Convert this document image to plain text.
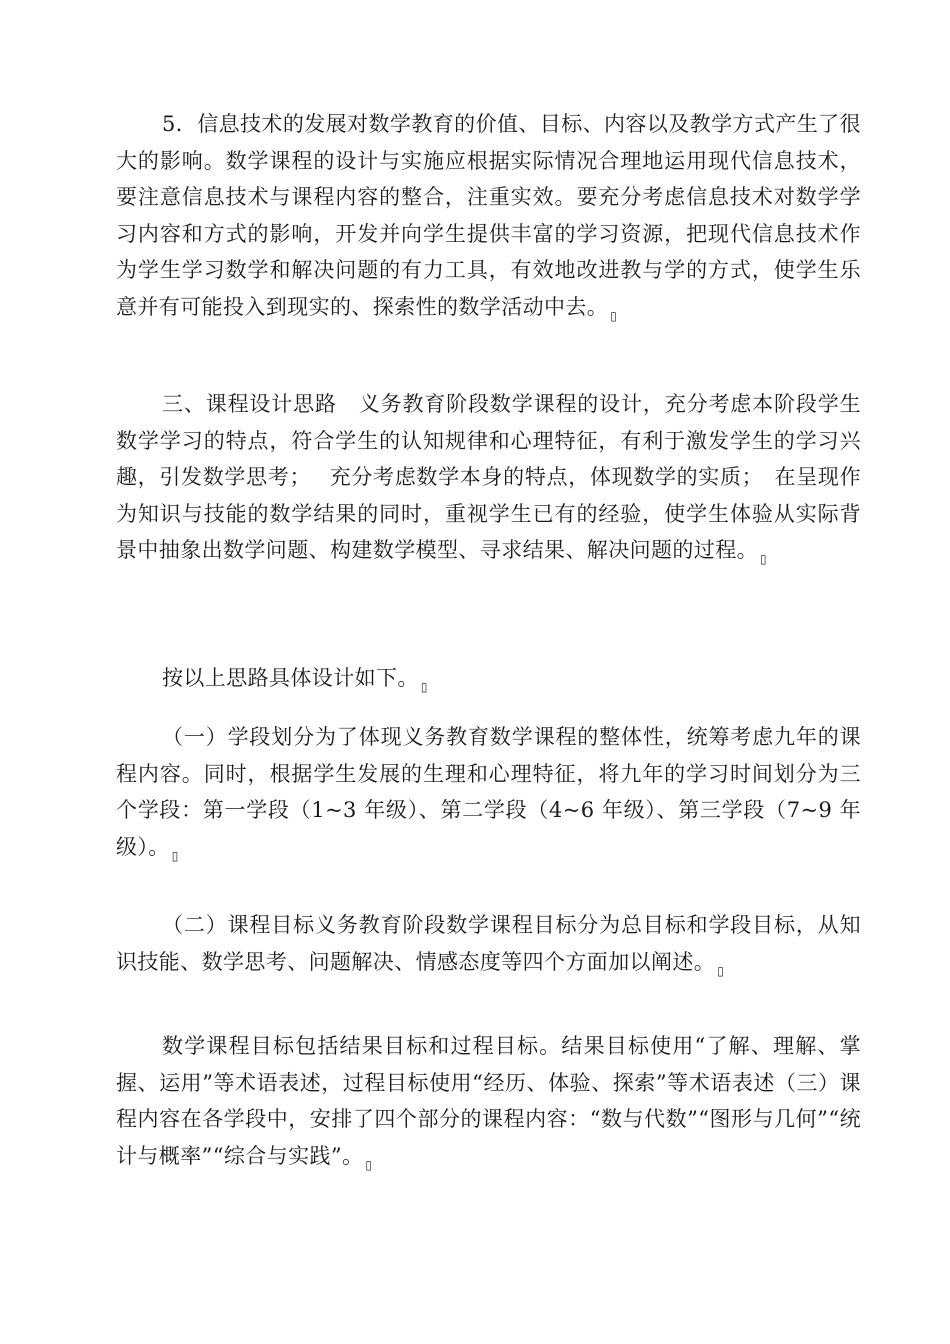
5．信息技术的发展对数学教育的价值、目标、内容以及教学方式产生了很大的影响。数学课程的设计与实施应根据实际情况合理地运用现代信息技术，要注意信息技术与课程内容的整合，注重实效。要充分考虑信息技术对数学学习内容和方式的影响，开发并向学生提供丰富的学习资源，把现代信息技术作为学生学习数学和解决问题的有力工具，有效地改进教与学的方式，使学生乐意并有可能投入到现实的、探索性的数学活动中去。 ▯

三、课程设计思路　义务教育阶段数学课程的设计，充分考虑本阶段学生数学学习的特点，符合学生的认知规律和心理特征，有利于激发学生的学习兴趣，引发数学思考；　 充分考虑数学本身的特点，体现数学的实质；　在呈现作为知识与技能的数学结果的同时，重视学生已有的经验，使学生体验从实际背景中抽象出数学问题、构建数学模型、寻求结果、解决问题的过程。 ▯

按以上思路具体设计如下。 ▯

（一）学段划分为了体现义务教育数学课程的整体性，统筹考虑九年的课程内容。同时，根据学生发展的生理和心理特征，将九年的学习时间划分为三个学段：第一学段（1~3 年级）、第二学段（4~6 年级）、第三学段（7~9 年级）。 ▯

（二）课程目标义务教育阶段数学课程目标分为总目标和学段目标，从知识技能、数学思考、问题解决、情感态度等四个方面加以阐述。 ▯

数学课程目标包括结果目标和过程目标。结果目标使用“了解、理解、掌握、运用”等术语表述，过程目标使用“经历、体验、探索”等术语表述（三）课程内容在各学段中，安排了四个部分的课程内容：“数与代数”“图形与几何”“统计与概率”“综合与实践”。 ▯
